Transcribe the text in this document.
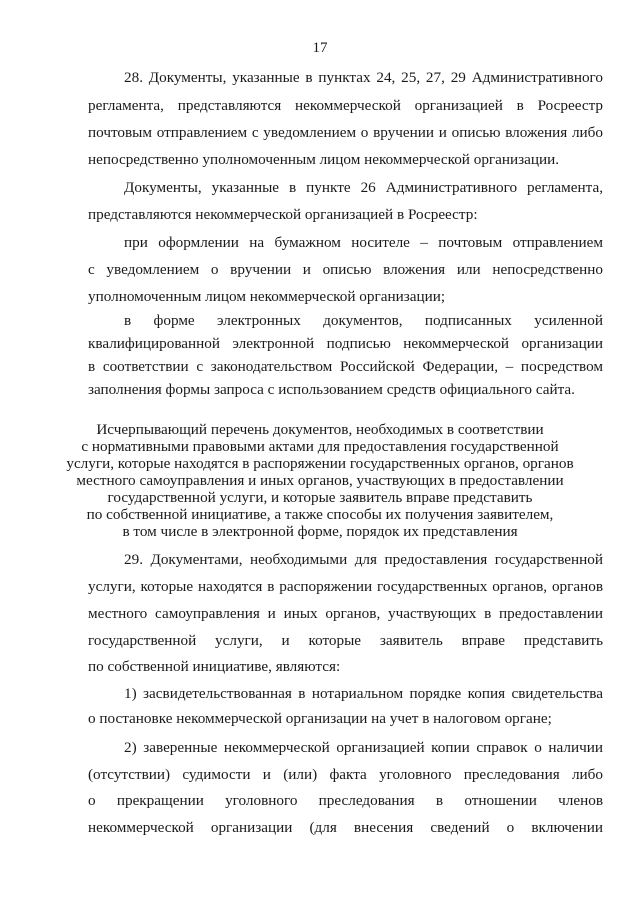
17
28. Документы, указанные в пунктах 24, 25, 27, 29 Административного
регламента, представляются некоммерческой организацией в Росреестр
почтовым отправлением с уведомлением о вручении и описью вложения либо
непосредственно уполномоченным лицом некоммерческой организации.
Документы, указанные в пункте 26 Административного регламента,
представляются некоммерческой организацией в Росреестр:
при оформлении на бумажном носителе – почтовым отправлением
с уведомлением о вручении и описью вложения или непосредственно
уполномоченным лицом некоммерческой организации;
в форме электронных документов, подписанных усиленной
квалифицированной электронной подписью некоммерческой организации
в соответствии с законодательством Российской Федерации, – посредством
заполнения формы запроса с использованием средств официального сайта.
Исчерпывающий перечень документов, необходимых в соответствии
с нормативными правовыми актами для предоставления государственной
услуги, которые находятся в распоряжении государственных органов, органов
местного самоуправления и иных органов, участвующих в предоставлении
государственной услуги, и которые заявитель вправе представить
по собственной инициативе, а также способы их получения заявителем,
в том числе в электронной форме, порядок их представления
29. Документами, необходимыми для предоставления государственной
услуги, которые находятся в распоряжении государственных органов, органов
местного самоуправления и иных органов, участвующих в предоставлении
государственной услуги, и которые заявитель вправе представить
по собственной инициативе, являются:
1) засвидетельствованная в нотариальном порядке копия свидетельства
о постановке некоммерческой организации на учет в налоговом органе;
2) заверенные некоммерческой организацией копии справок о наличии
(отсутствии) судимости и (или) факта уголовного преследования либо
о прекращении уголовного преследования в отношении членов
некоммерческой организации (для внесения сведений о включении
